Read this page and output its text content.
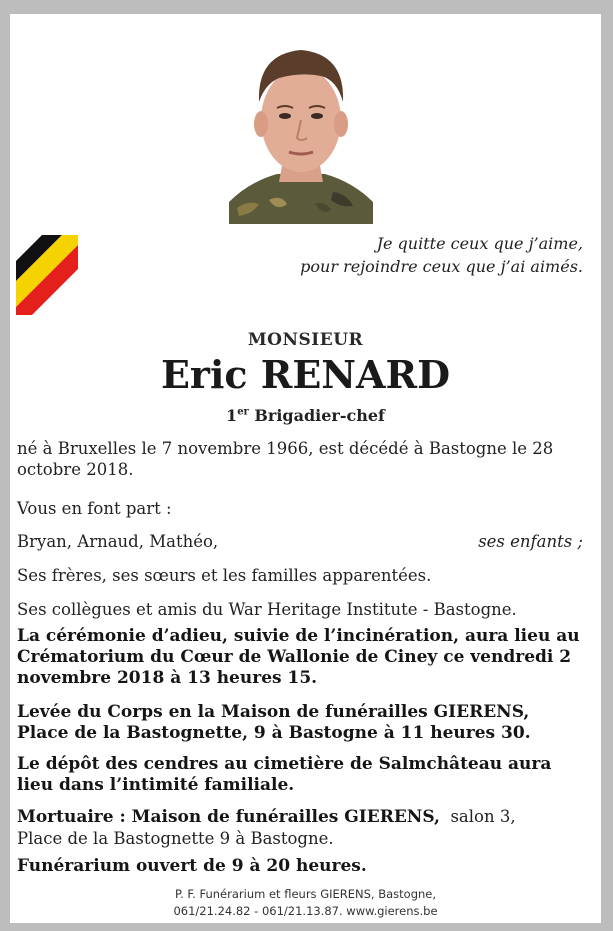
Je quitte ceux que j’aime,
pour rejoindre ceux que j’ai aimés.
MONSIEUR
Eric RENARD
1er Brigadier-chef
né à Bruxelles le 7 novembre 1966, est décédé à Bastogne le 28 octobre 2018.
Vous en font part :
Bryan, Arnaud, Mathéo,	ses enfants ;
Ses frères, ses sœurs et les familles apparentées.
Ses collègues et amis du War Heritage Institute - Bastogne.
La cérémonie d’adieu, suivie de l’incinération, aura lieu au Crématorium du Cœur de Wallonie de Ciney ce vendredi 2 novembre 2018 à 13 heures 15.
Levée du Corps en la Maison de funérailles GIERENS, Place de la Bastognette, 9 à Bastogne à 11 heures 30.
Le dépôt des cendres au cimetière de Salmchâteau aura lieu dans l’intimité familiale.
Mortuaire : Maison de funérailles GIERENS, salon 3,
Place de la Bastognette 9 à Bastogne.
Funérarium ouvert de 9 à 20 heures.
P. F. Funérarium et fleurs GIERENS, Bastogne,
061/21.24.82 - 061/21.13.87. www.gierens.be
